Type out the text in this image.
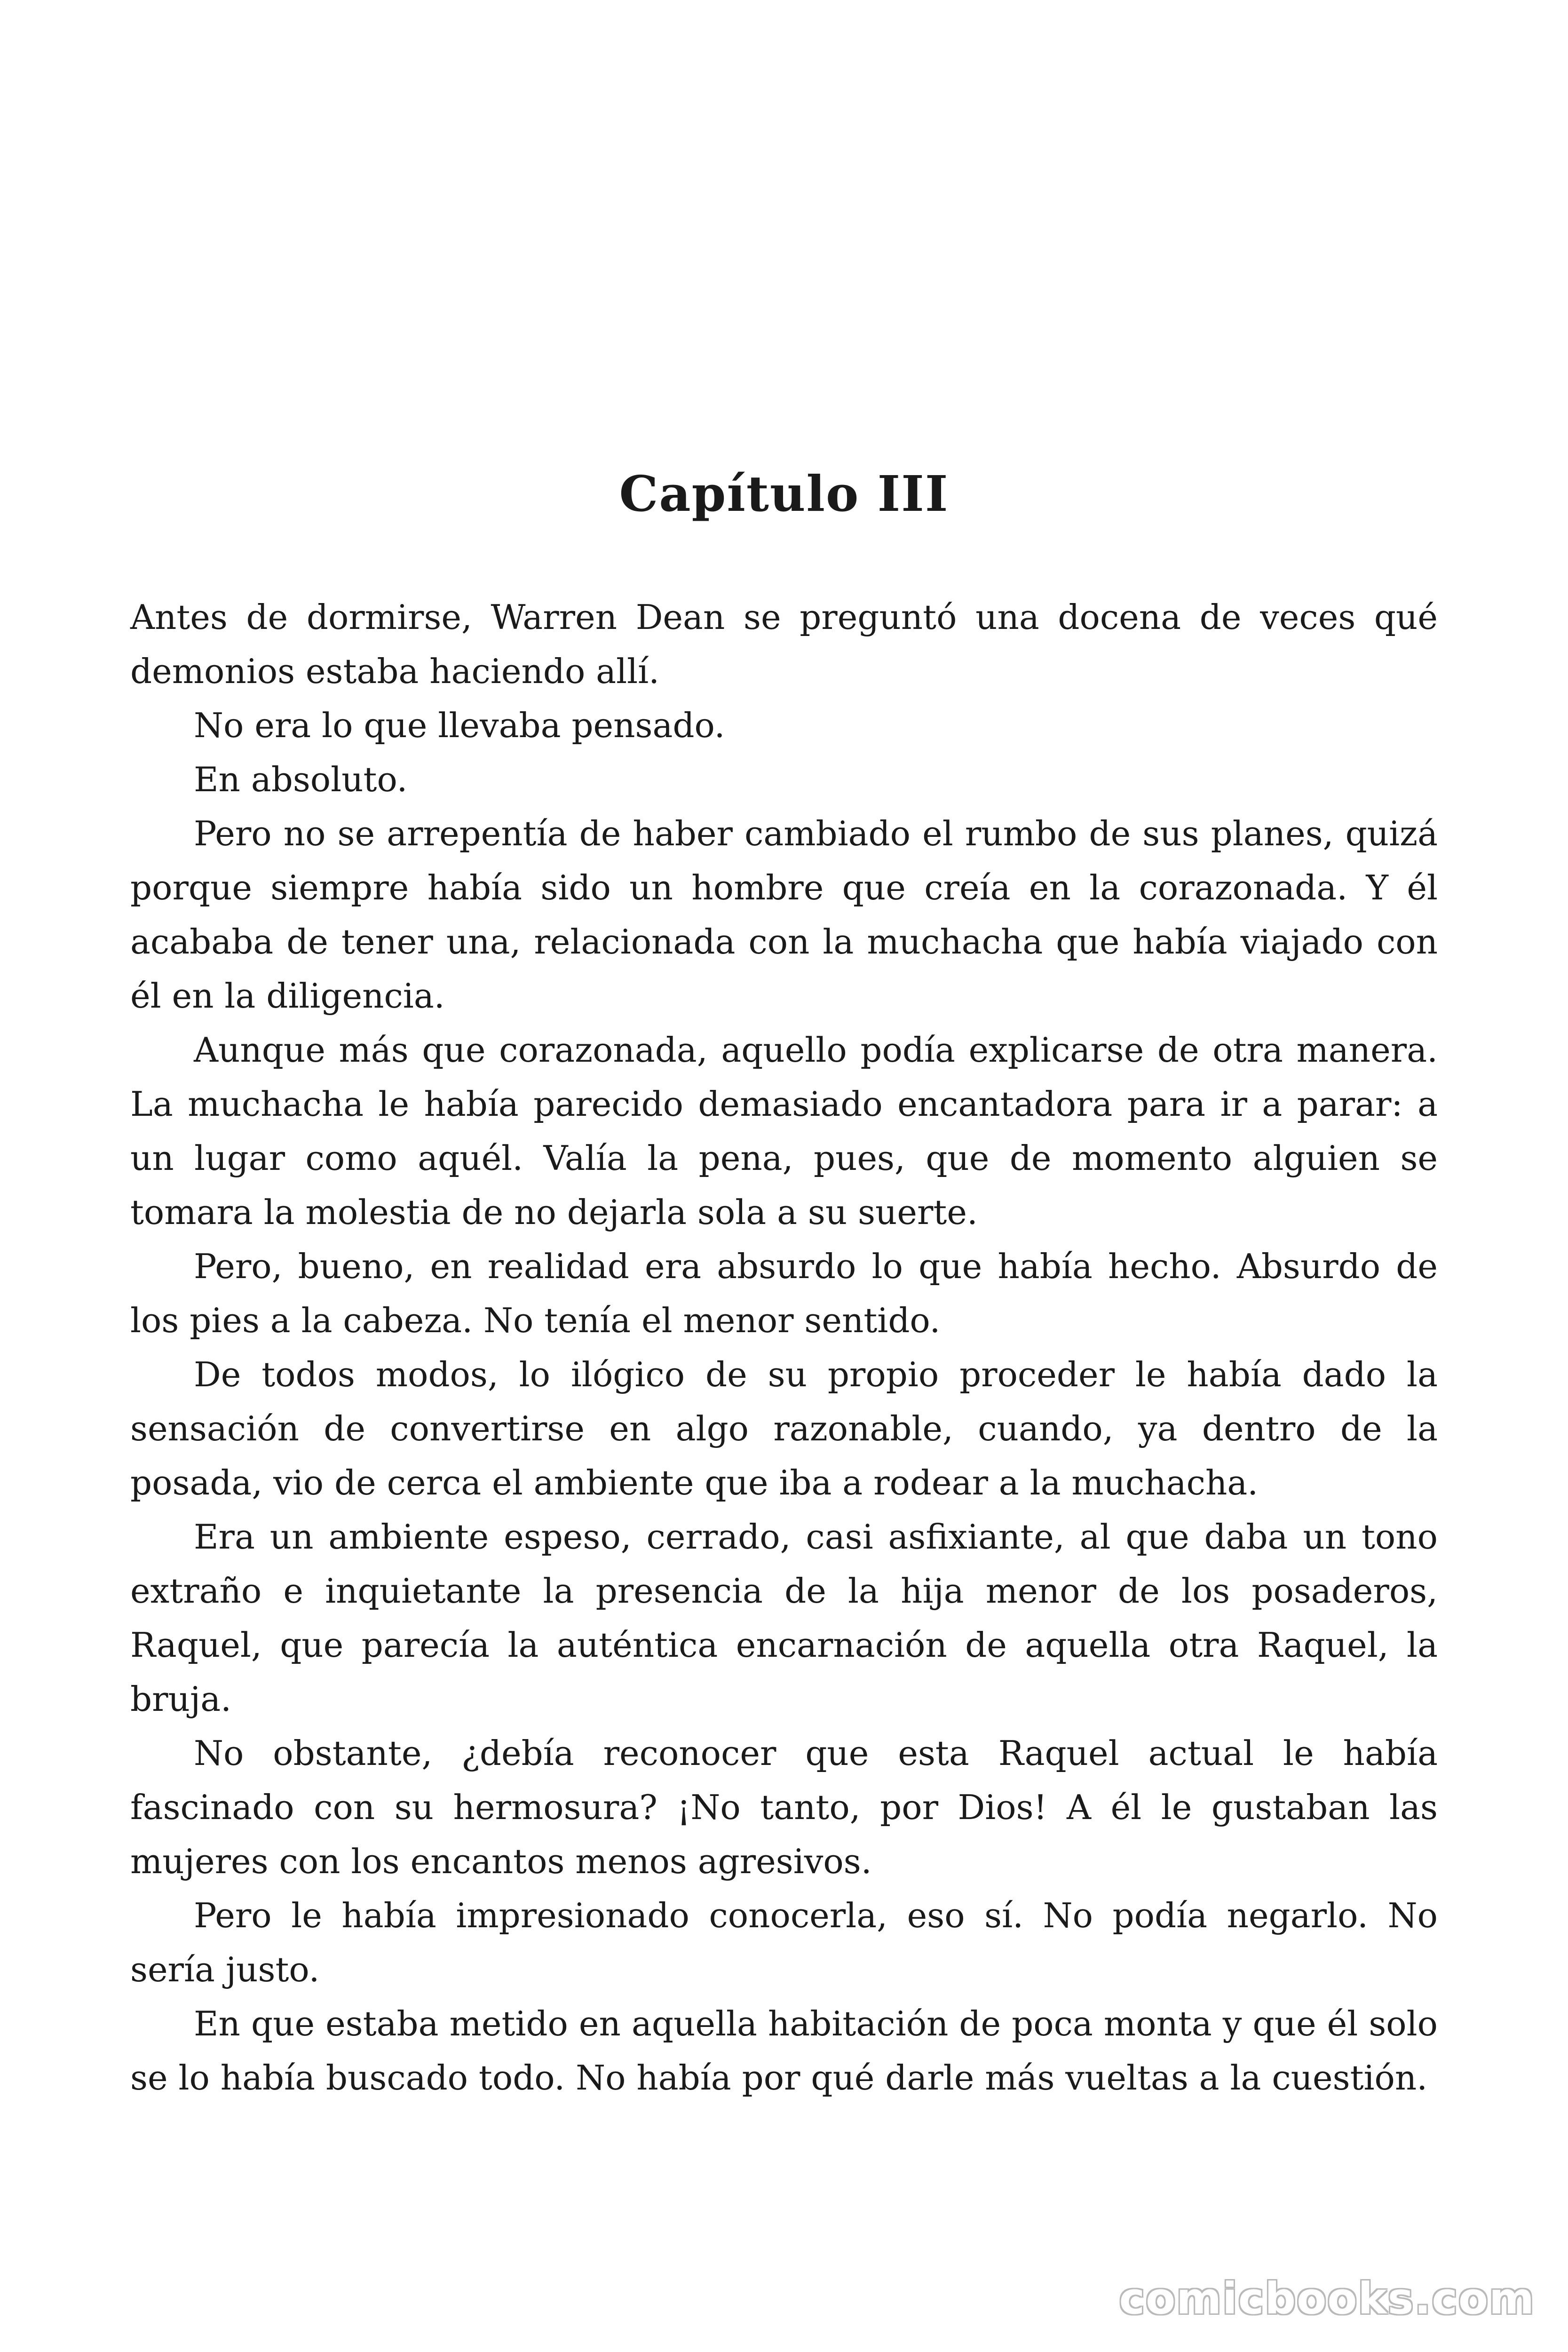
Capítulo III

Antes de dormirse, Warren Dean se preguntó una docena de veces qué demonios estaba haciendo allí.

No era lo que llevaba pensado.

En absoluto.

Pero no se arrepentía de haber cambiado el rumbo de sus planes, quizá porque siempre había sido un hombre que creía en la corazonada. Y él acababa de tener una, relacionada con la muchacha que había viajado con él en la diligencia.

Aunque más que corazonada, aquello podía explicarse de otra manera. La muchacha le había parecido demasiado encantadora para ir a parar: a un lugar como aquél. Valía la pena, pues, que de momento alguien se tomara la molestia de no dejarla sola a su suerte.

Pero, bueno, en realidad era absurdo lo que había hecho. Absurdo de los pies a la cabeza. No tenía el menor sentido.

De todos modos, lo ilógico de su propio proceder le había dado la sensación de convertirse en algo razonable, cuando, ya dentro de la posada, vio de cerca el ambiente que iba a rodear a la muchacha.

Era un ambiente espeso, cerrado, casi asfixiante, al que daba un tono extraño e inquietante la presencia de la hija menor de los posaderos, Raquel, que parecía la auténtica encarnación de aquella otra Raquel, la bruja.

No obstante, ¿debía reconocer que esta Raquel actual le había fascinado con su hermosura? ¡No tanto, por Dios! A él le gustaban las mujeres con los encantos menos agresivos.

Pero le había impresionado conocerla, eso sí. No podía negarlo. No sería justo.

En que estaba metido en aquella habitación de poca monta y que él solo se lo había buscado todo. No había por qué darle más vueltas a la cuestión.

comicbooks.com
